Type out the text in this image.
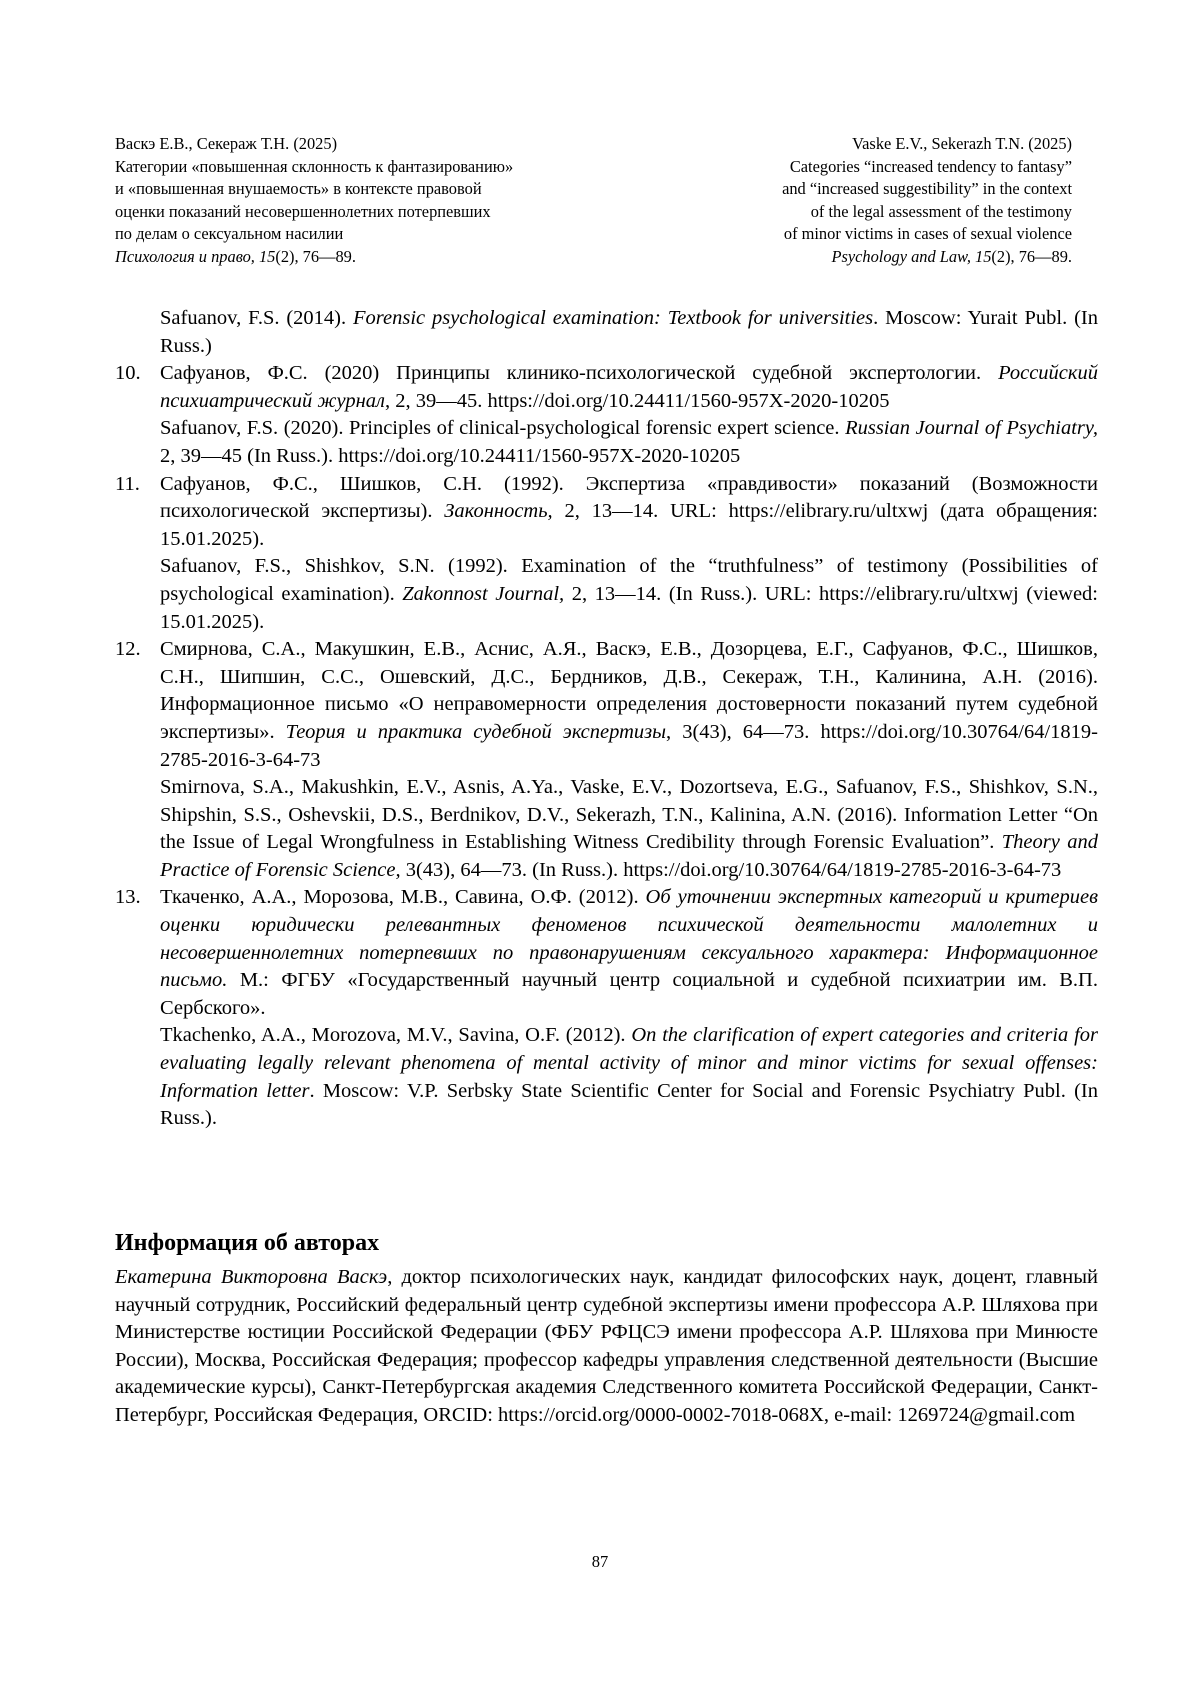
Васкэ Е.В., Секераж Т.Н. (2025)
Категории «повышенная склонность к фантазированию»
и «повышенная внушаемость» в контексте правовой
оценки показаний несовершеннолетних потерпевших
по делам о сексуальном насилии
Психология и право, 15(2), 76—89.
Vaske E.V., Sekerazh T.N. (2025)
Categories “increased tendency to fantasy”
and “increased suggestibility” in the context
of the legal assessment of the testimony
of minor victims in cases of sexual violence
Psychology and Law, 15(2), 76—89.

Safuanov, F.S. (2014). Forensic psychological examination: Textbook for universities. Moscow: Yurait Publ. (In Russ.)

10. Сафуанов, Ф.С. (2020) Принципы клинико-психологической судебной экспертологии. Российский психиатрический журнал, 2, 39—45. https://doi.org/10.24411/1560-957X-2020-10205

Safuanov, F.S. (2020). Principles of clinical-psychological forensic expert science. Russian Journal of Psychiatry, 2, 39—45 (In Russ.). https://doi.org/10.24411/1560-957X-2020-10205

11. Сафуанов, Ф.С., Шишков, С.Н. (1992). Экспертиза «правдивости» показаний (Возможности психологической экспертизы). Законность, 2, 13—14. URL: https://elibrary.ru/ultxwj (дата обращения: 15.01.2025).

Safuanov, F.S., Shishkov, S.N. (1992). Examination of the “truthfulness” of testimony (Possibilities of psychological examination). Zakonnost Journal, 2, 13—14. (In Russ.). URL: https://elibrary.ru/ultxwj (viewed: 15.01.2025).

12. Смирнова, С.А., Макушкин, Е.В., Аснис, А.Я., Васкэ, Е.В., Дозорцева, Е.Г., Сафуанов, Ф.С., Шишков, С.Н., Шипшин, С.С., Ошевский, Д.С., Бердников, Д.В., Секераж, Т.Н., Калинина, А.Н. (2016). Информационное письмо «О неправомерности определения достоверности показаний путем судебной экспертизы». Теория и практика судебной экспертизы, 3(43), 64—73. https://doi.org/10.30764/64/1819-2785-2016-3-64-73

Smirnova, S.A., Makushkin, E.V., Asnis, A.Ya., Vaske, E.V., Dozortseva, E.G., Safuanov, F.S., Shishkov, S.N., Shipshin, S.S., Oshevskii, D.S., Berdnikov, D.V., Sekerazh, T.N., Kalinina, A.N. (2016). Information Letter “On the Issue of Legal Wrongfulness in Establishing Witness Credibility through Forensic Evaluation”. Theory and Practice of Forensic Science, 3(43), 64—73. (In Russ.). https://doi.org/10.30764/64/1819-2785-2016-3-64-73

13. Ткаченко, А.А., Морозова, М.В., Савина, О.Ф. (2012). Об уточнении экспертных категорий и критериев оценки юридически релевантных феноменов психической деятельности малолетних и несовершеннолетних потерпевших по правонарушениям сексуального характера: Информационное письмо. М.: ФГБУ «Государственный научный центр социальной и судебной психиатрии им. В.П. Сербского».

Tkachenko, A.A., Morozova, M.V., Savina, O.F. (2012). On the clarification of expert categories and criteria for evaluating legally relevant phenomena of mental activity of minor and minor victims for sexual offenses: Information letter. Moscow: V.P. Serbsky State Scientific Center for Social and Forensic Psychiatry Publ. (In Russ.).

Информация об авторах

Екатерина Викторовна Васкэ, доктор психологических наук, кандидат философских наук, доцент, главный научный сотрудник, Российский федеральный центр судебной экспертизы имени профессора А.Р. Шляхова при Министерстве юстиции Российской Федерации (ФБУ РФЦСЭ имени профессора А.Р. Шляхова при Минюсте России), Москва, Российская Федерация; профессор кафедры управления следственной деятельности (Высшие академические курсы), Санкт-Петербургская академия Следственного комитета Российской Федерации, Санкт-Петербург, Российская Федерация, ORCID: https://orcid.org/0000-0002-7018-068X, e-mail: 1269724@gmail.com

87
